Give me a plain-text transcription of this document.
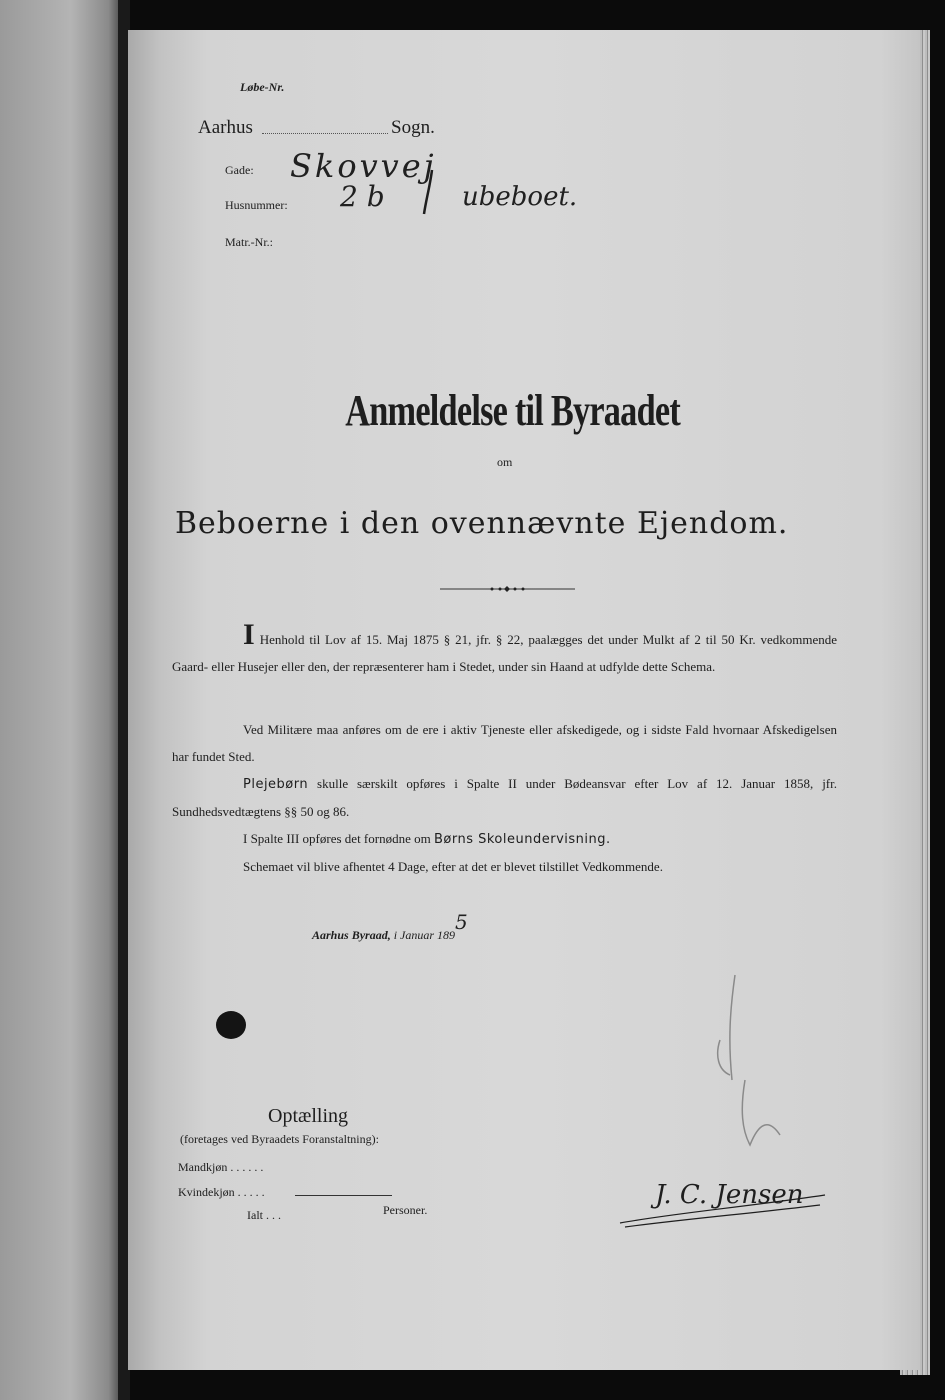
Løbe-Nr.
Aarhus	Sogn.
Gade: Skovvej
Husnummer: 2 b	ubeboet.
Matr.-Nr.:
Anmeldelse til Byraadet
om
Beboerne i den ovennævnte Ejendom.
I Henhold til Lov af 15. Maj 1875 § 21, jfr. § 22, paalægges det under Mulkt af 2 til 50 Kr. vedkommende Gaard- eller Husejer eller den, der repræsenterer ham i Stedet, under sin Haand at udfylde dette Schema.
Ved Militære maa anføres om de ere i aktiv Tjeneste eller afskedigede, og i sidste Fald hvornaar Afskedigelsen har fundet Sted.
Plejebørn skulle særskilt opføres i Spalte II under Bødeansvar efter Lov af 12. Januar 1858, jfr. Sundhedsvedtægtens §§ 50 og 86.
I Spalte III opføres det fornødne om Børns Skoleundervisning.
Schemaet vil blive afhentet 4 Dage, efter at det er blevet tilstillet Vedkommende.
Aarhus Byraad, i Januar 1895
Optælling
(foretages ved Byraadets Foranstaltning):
Mandkjøn . . . . . .
Kvindekjøn . . . . .
Ialt . . .	Personer.	J. C. Jensen
